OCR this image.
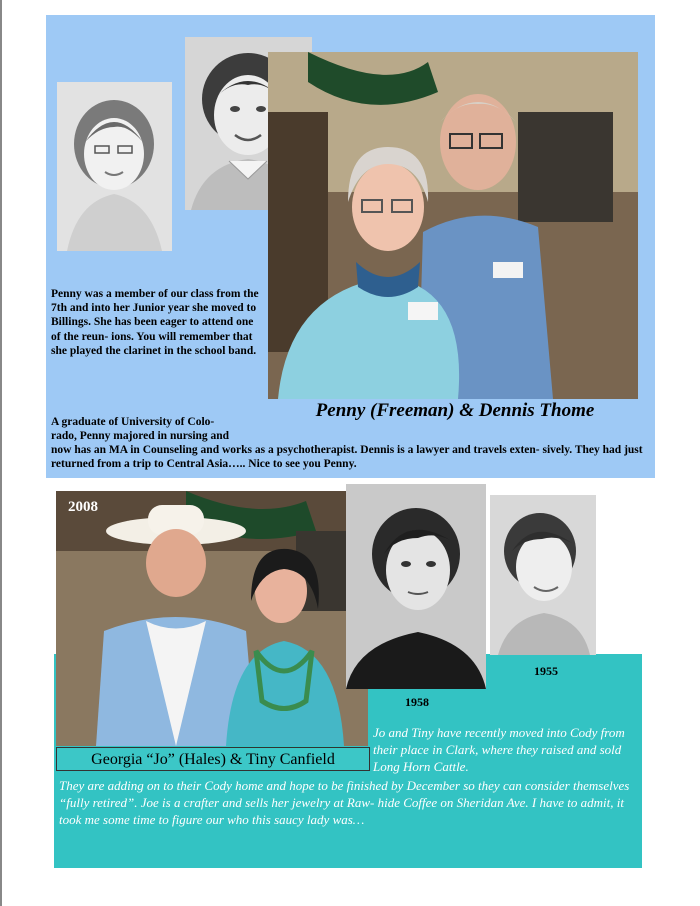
Penny was a member of our class from the 7th and into her Junior year she moved to Billings. She has been eager to attend one of the reun- ions. You will remember that she played the clarinet in the school band.

A graduate of University of Colo-

rado, Penny majored in nursing and

now has an MA in Counseling and works as a psychotherapist. Dennis is a lawyer and travels exten- sively. They had just returned from a trip to Central Asia….. Nice to see you Penny.

Penny (Freeman) & Dennis Thome
2008
1958
1955
Georgia “Jo” (Hales) & Tiny Canfield

Jo and Tiny have recently moved into Cody from their place in Clark, where they raised and sold Long Horn Cattle.

They are adding on to their Cody home and hope to be finished by December so they can consider themselves “fully retired”. Joe is a crafter and sells her jewelry at Raw- hide Coffee on Sheridan Ave. I have to admit, it took me some time to figure our who this saucy lady was…
